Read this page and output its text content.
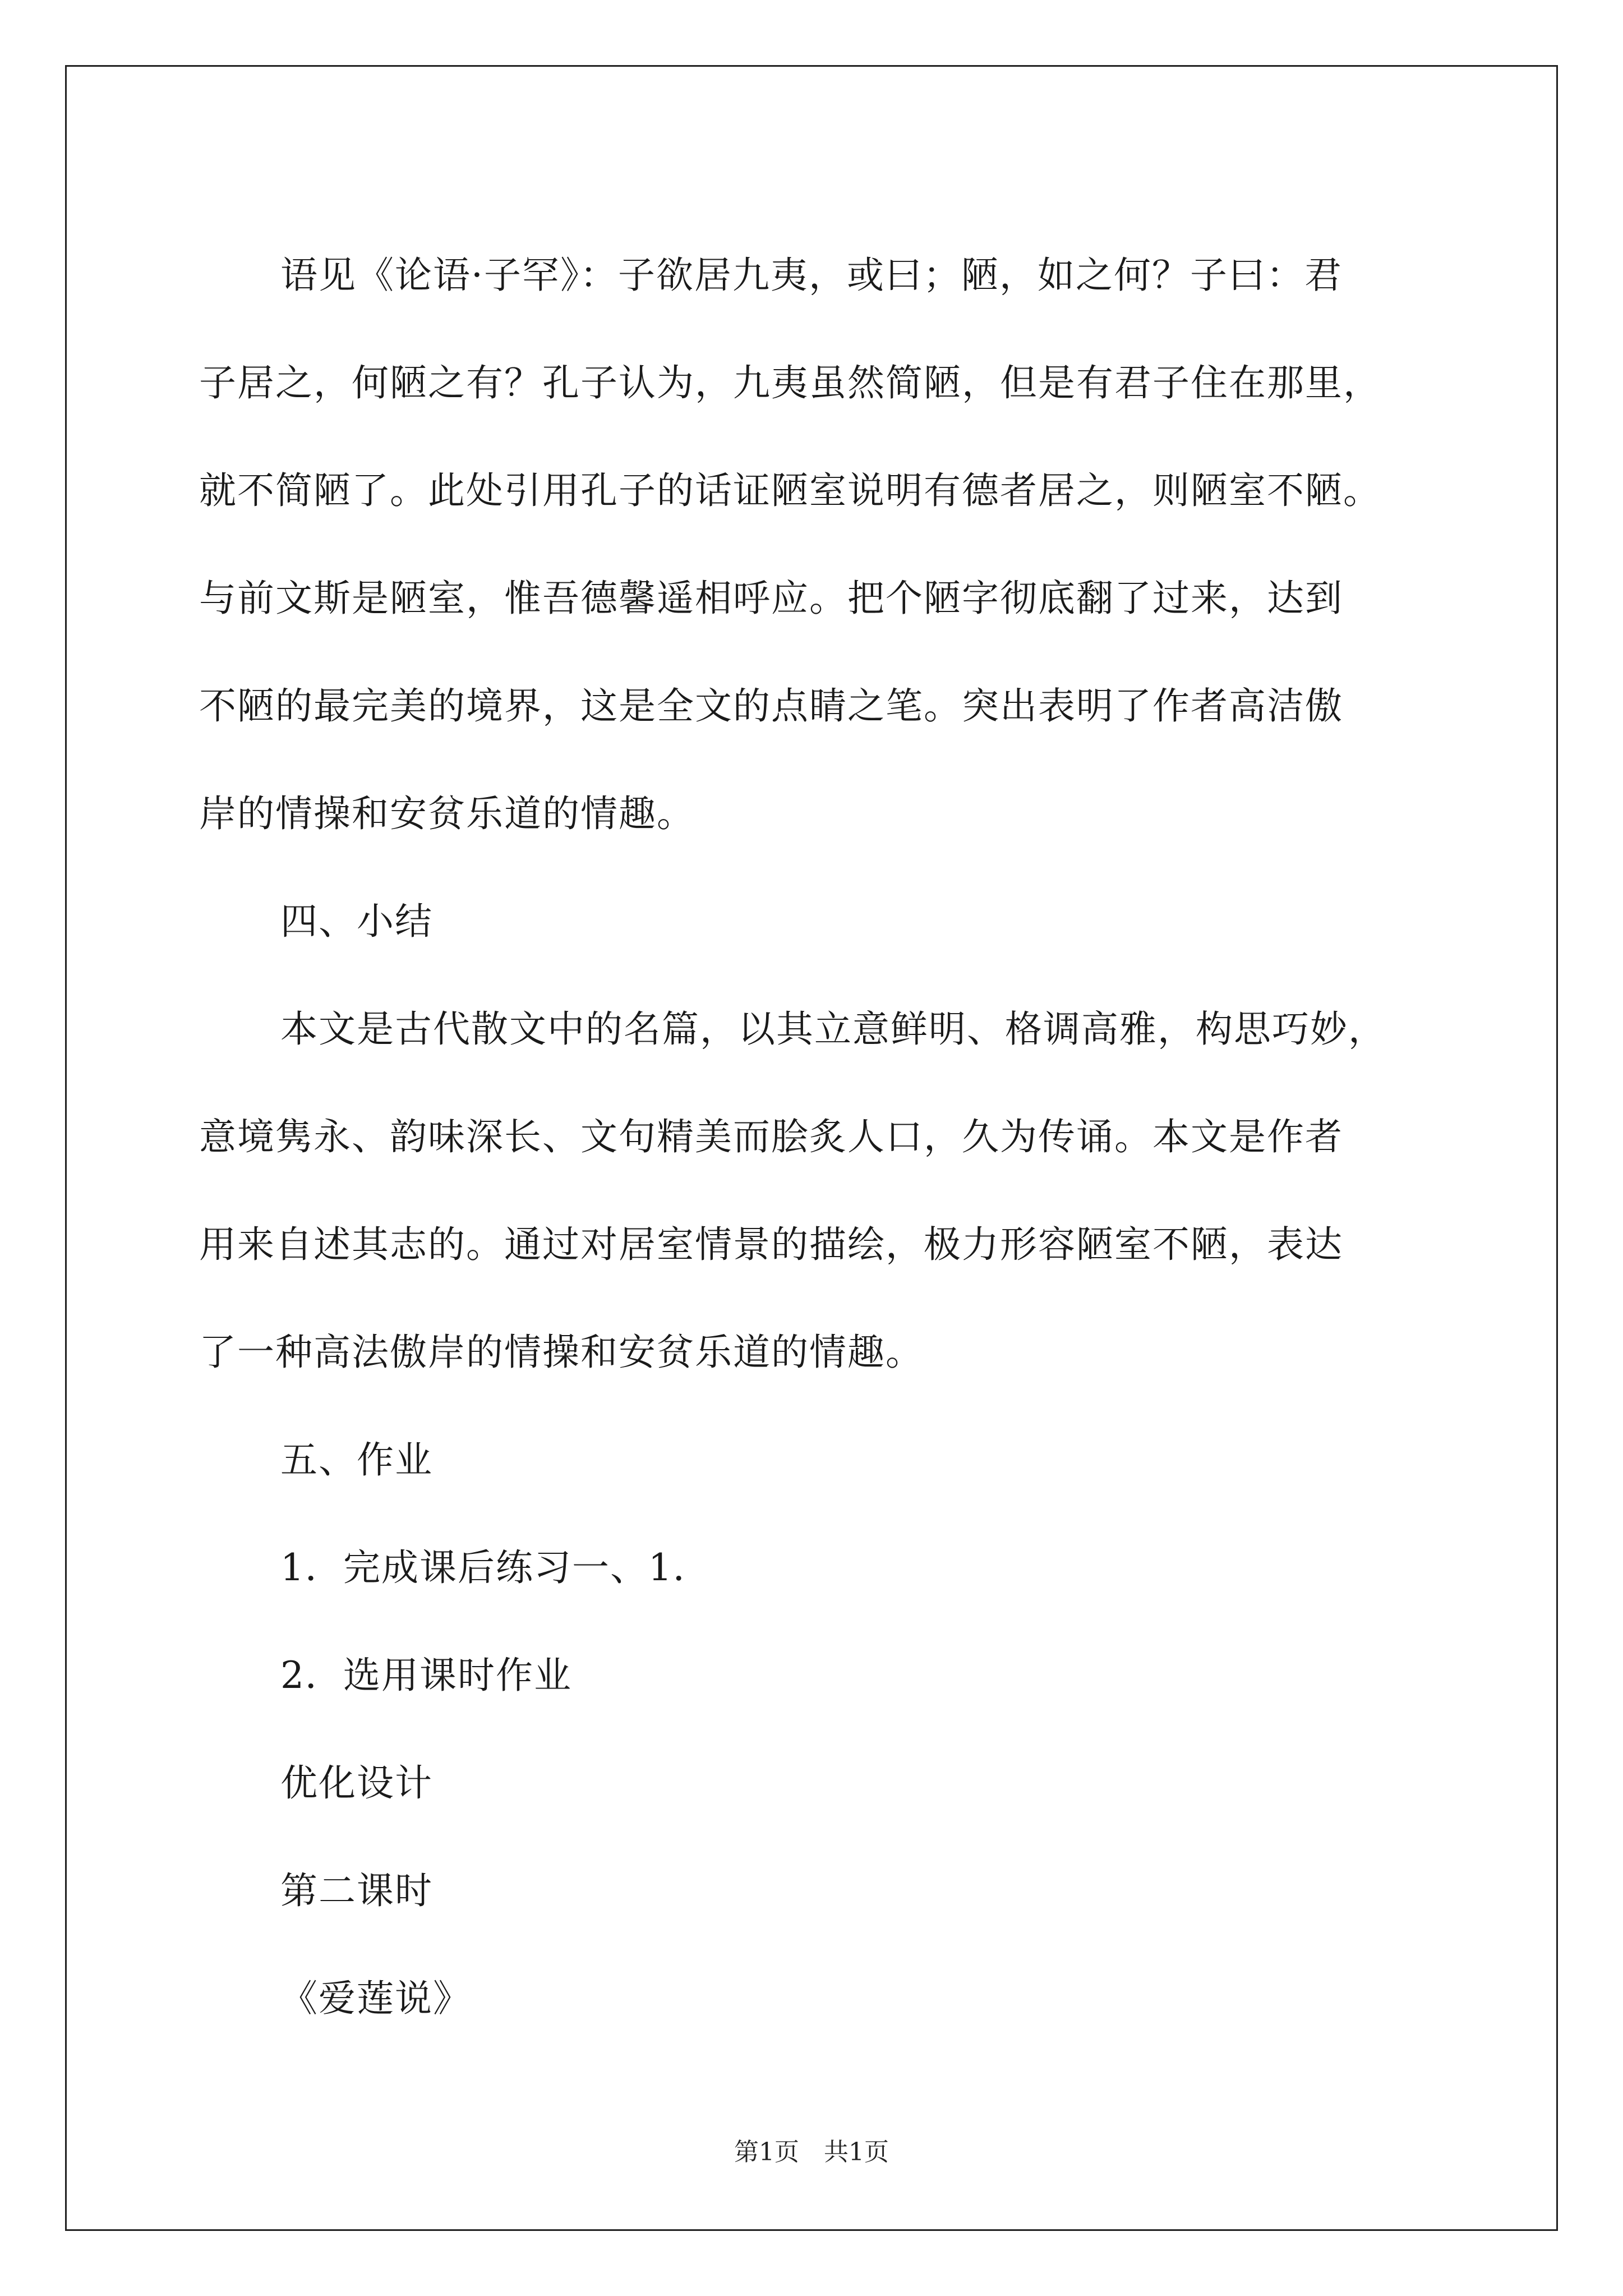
语见《论语·子罕》：子欲居九夷，或曰；陋，如之何？子曰：君
子居之，何陋之有？孔子认为，九夷虽然简陋，但是有君子住在那里，
就不简陋了。此处引用孔子的话证陋室说明有德者居之，则陋室不陋。
与前文斯是陋室，惟吾德馨遥相呼应。把个陋字彻底翻了过来，达到
不陋的最完美的境界，这是全文的点睛之笔。突出表明了作者高洁傲
岸的情操和安贫乐道的情趣。

四、小结

本文是古代散文中的名篇，以其立意鲜明、格调高雅，构思巧妙，
意境隽永、韵味深长、文句精美而脍炙人口，久为传诵。本文是作者
用来自述其志的。通过对居室情景的描绘，极力形容陋室不陋，表达
了一种高法傲岸的情操和安贫乐道的情趣。

五、作业

1．完成课后练习一、1．

2．选用课时作业

优化设计

第二课时

《爱莲说》

第1页　共1页
